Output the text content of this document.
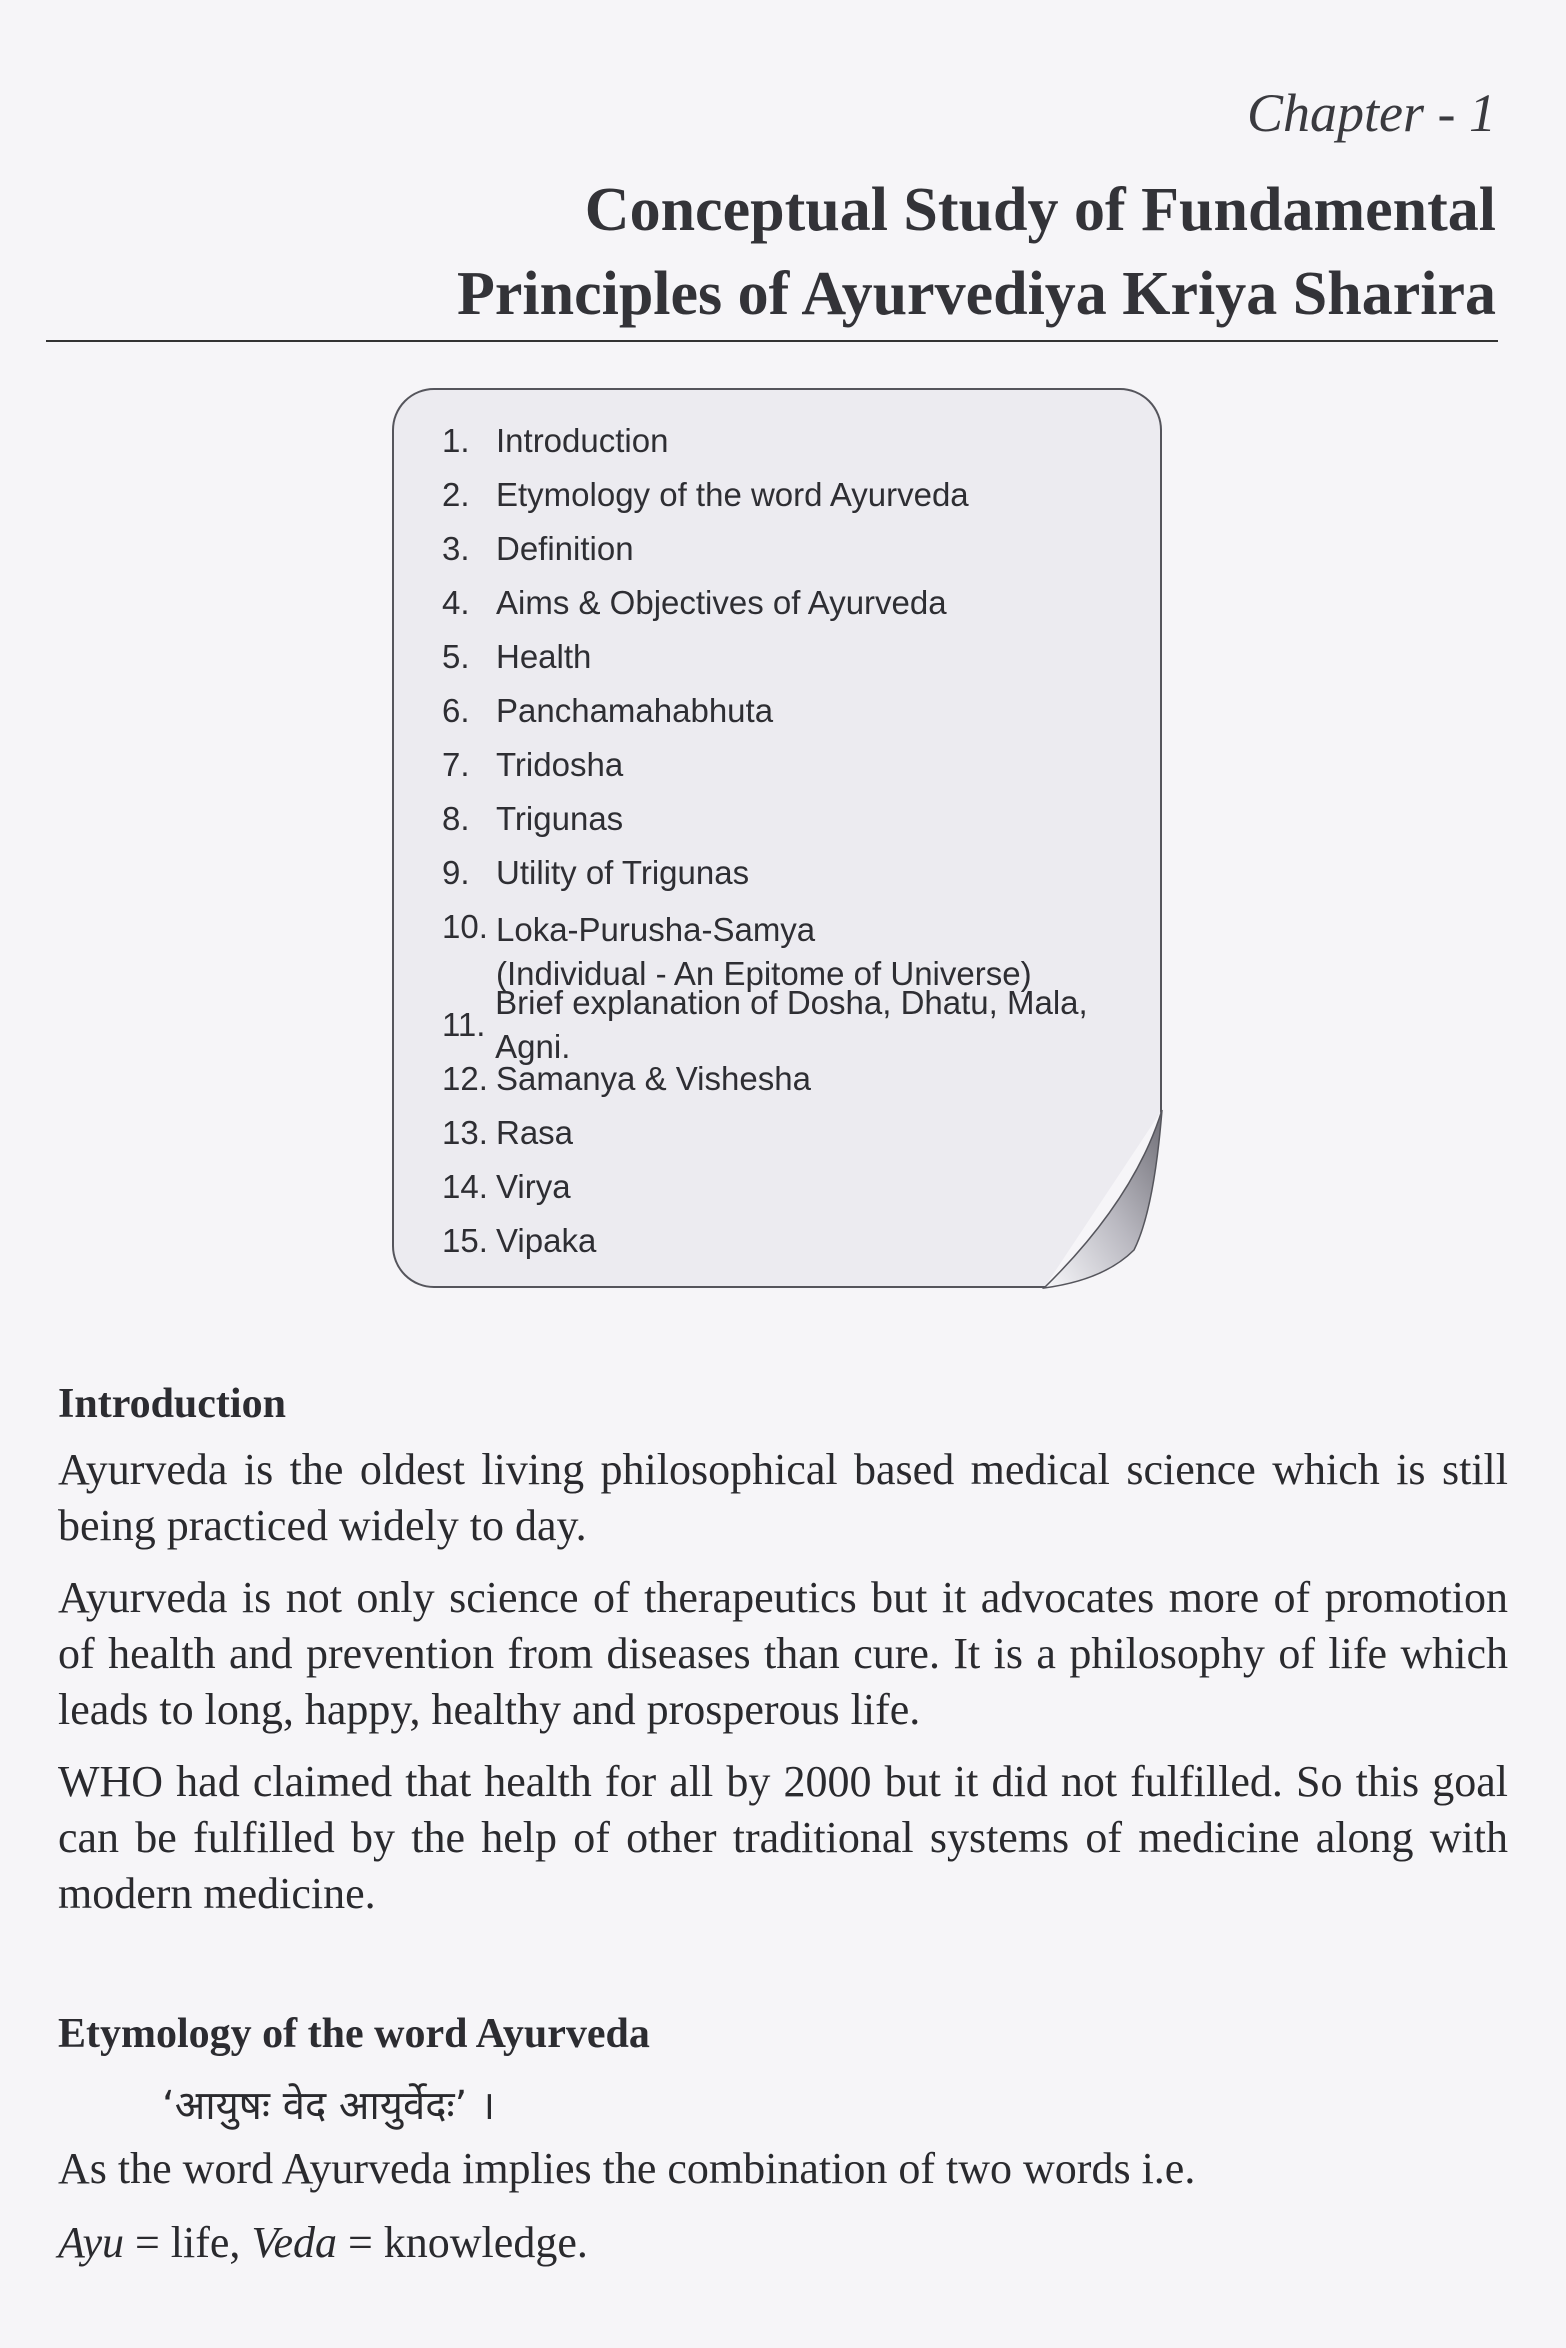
Chapter - 1
Conceptual Study of Fundamental
Principles of Ayurvediya Kriya Sharira
1. Introduction
2. Etymology of the word Ayurveda
3. Definition
4. Aims & Objectives of Ayurveda
5. Health
6. Panchamahabhuta
7. Tridosha
8. Trigunas
9. Utility of Trigunas
10. Loka-Purusha-Samya
(Individual - An Epitome of Universe)
11.
Brief explanation of Dosha, Dhatu, Mala, Agni.
12. Samanya & Vishesha
13. Rasa
14. Virya
15. Vipaka
Introduction

Ayurveda is the oldest living philosophical based medical science which is still being practiced widely to day.

Ayurveda is not only science of therapeutics but it advocates more of promotion of health and prevention from diseases than cure. It is a philosophy of life which leads to long, happy, healthy and prosperous life.

WHO had claimed that health for all by 2000 but it did not fulfilled. So this goal can be fulfilled by the help of other traditional systems of medicine along with modern medicine.

Etymology of the word Ayurveda
‘आयुषः वेद आयुर्वेदः’ ।

As the word Ayurveda implies the combination of two words i.e.

Ayu = life, Veda = knowledge.
